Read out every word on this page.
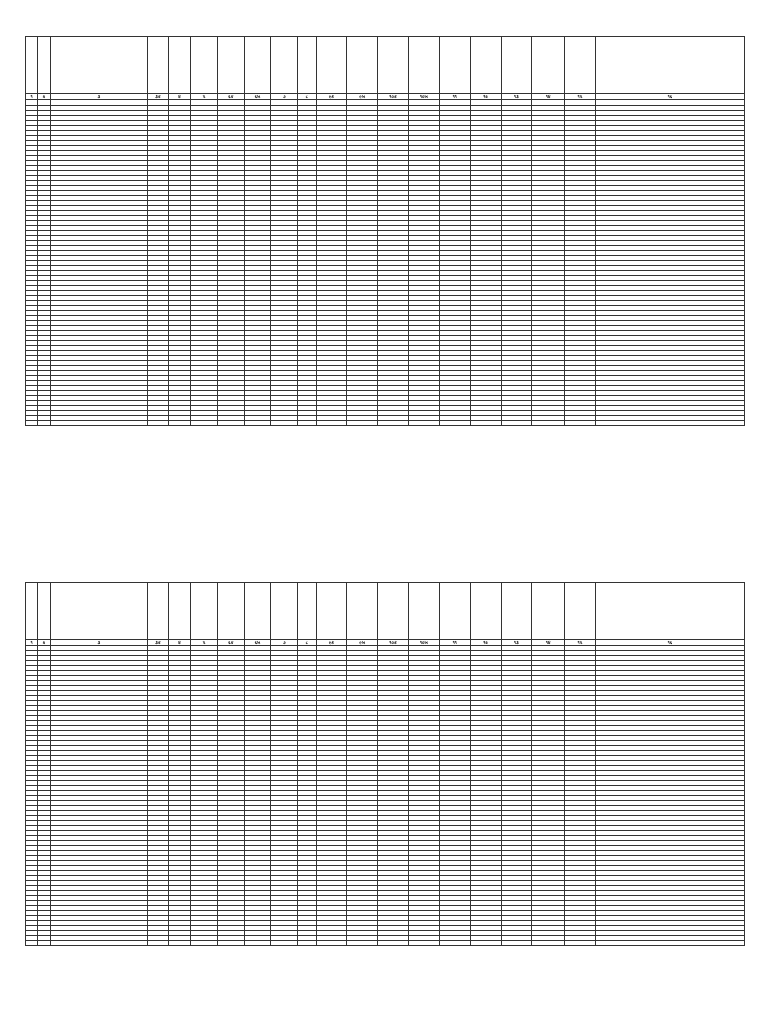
૧	૨	૩	૩ક	૪	૫	૬ક	૬ખ	૭	૮	૯ક	૯ખ	૧૦ક	૧૦ખ	૧૧	૧૨	૧૩	૧૪	૧૫	૧૬

૧	૨	૩	૩ક	૪	૫	૬ક	૬ખ	૭	૮	૯ક	૯ખ	૧૦ક	૧૦ખ	૧૧	૧૨	૧૩	૧૪	૧૫	૧૬
